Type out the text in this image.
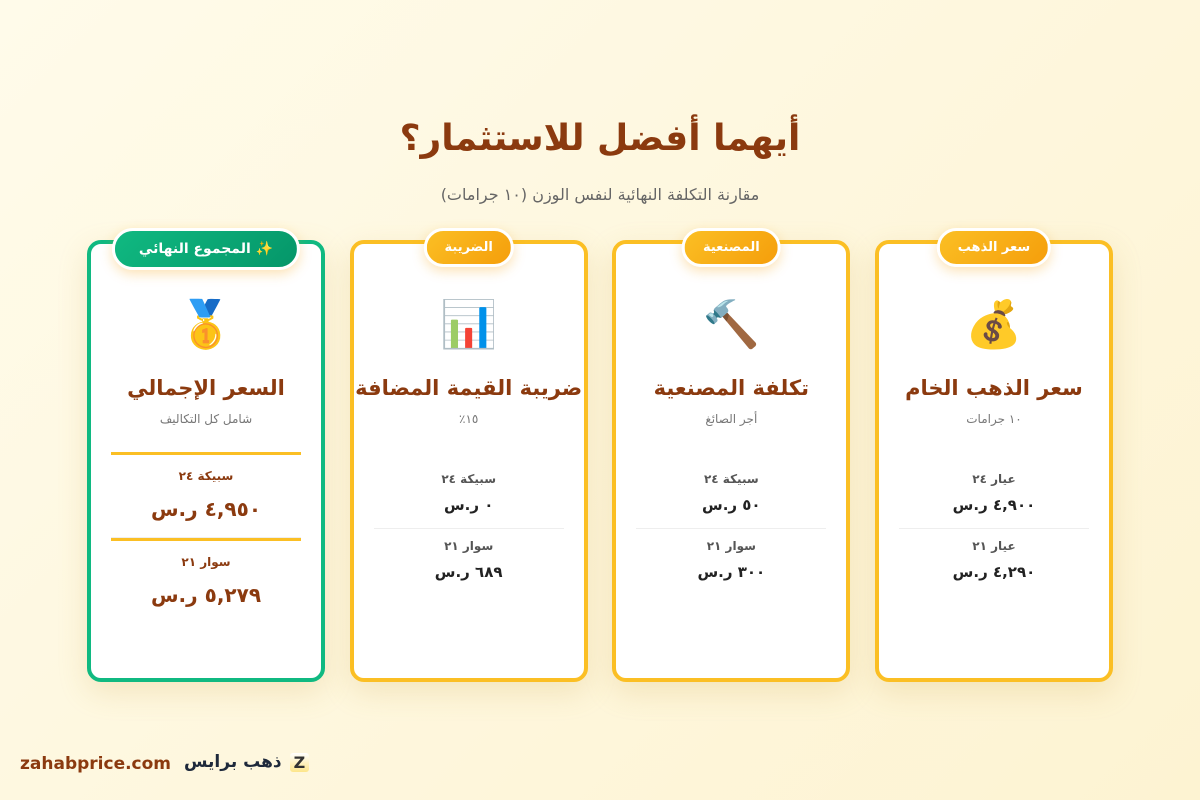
أيهما أفضل للاستثمار؟
مقارنة التكلفة النهائية لنفس الوزن (١٠ جرامات)
سعر الذهب
💰
سعر الذهب الخام
١٠ جرامات
عيار ٢٤
٤,٩٠٠ ر.س
عيار ٢١
٤,٢٩٠ ر.س
المصنعية
🔨
تكلفة المصنعية
أجر الصائغ
سبيكة ٢٤
٥٠ ر.س
سوار ٢١
٣٠٠ ر.س
الضريبة
📊
ضريبة القيمة المضافة
١٥٪
سبيكة ٢٤
٠ ر.س
سوار ٢١
٦٨٩ ر.س
✨ المجموع النهائي
🥇
السعر الإجمالي
شامل كل التكاليف
سبيكة ٢٤
٤,٩٥٠ ر.س
سوار ٢١
٥,٢٧٩ ر.س
zahabprice.com ذهب برايس Z
